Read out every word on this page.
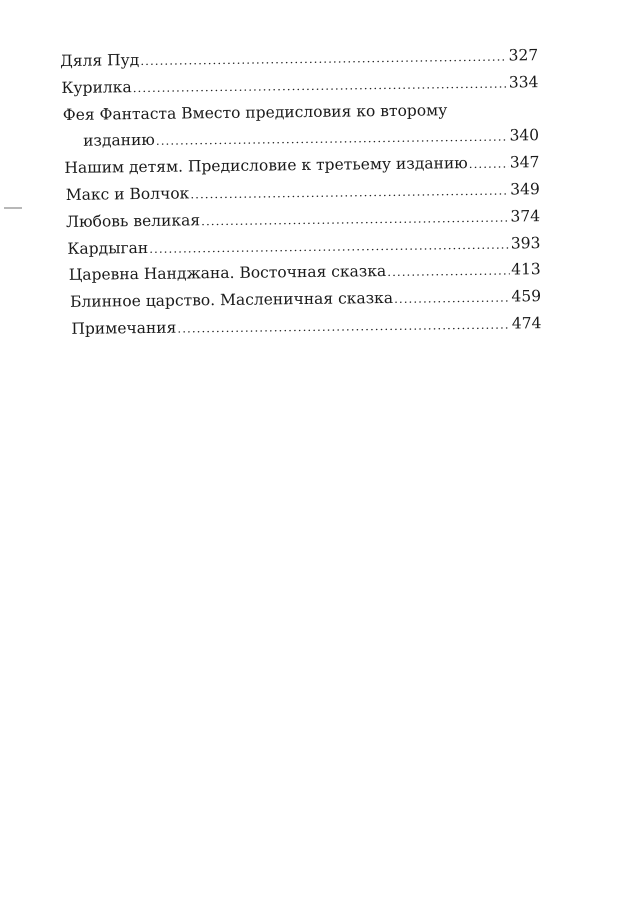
Дяля Пуд .....	327
Курилка .....	334
Фея Фантаста Вместо предисловия ко второму
изданию .....	340
Нашим детям. Предисловие к третьему изданию .....	347
Макс и Волчок .....	349
Любовь великая .....	374
Кардыган .....	393
Царевна Нанджана. Восточная сказка .....	413
Блинное царство. Масленичная сказка .....	459
Примечания .....	474
